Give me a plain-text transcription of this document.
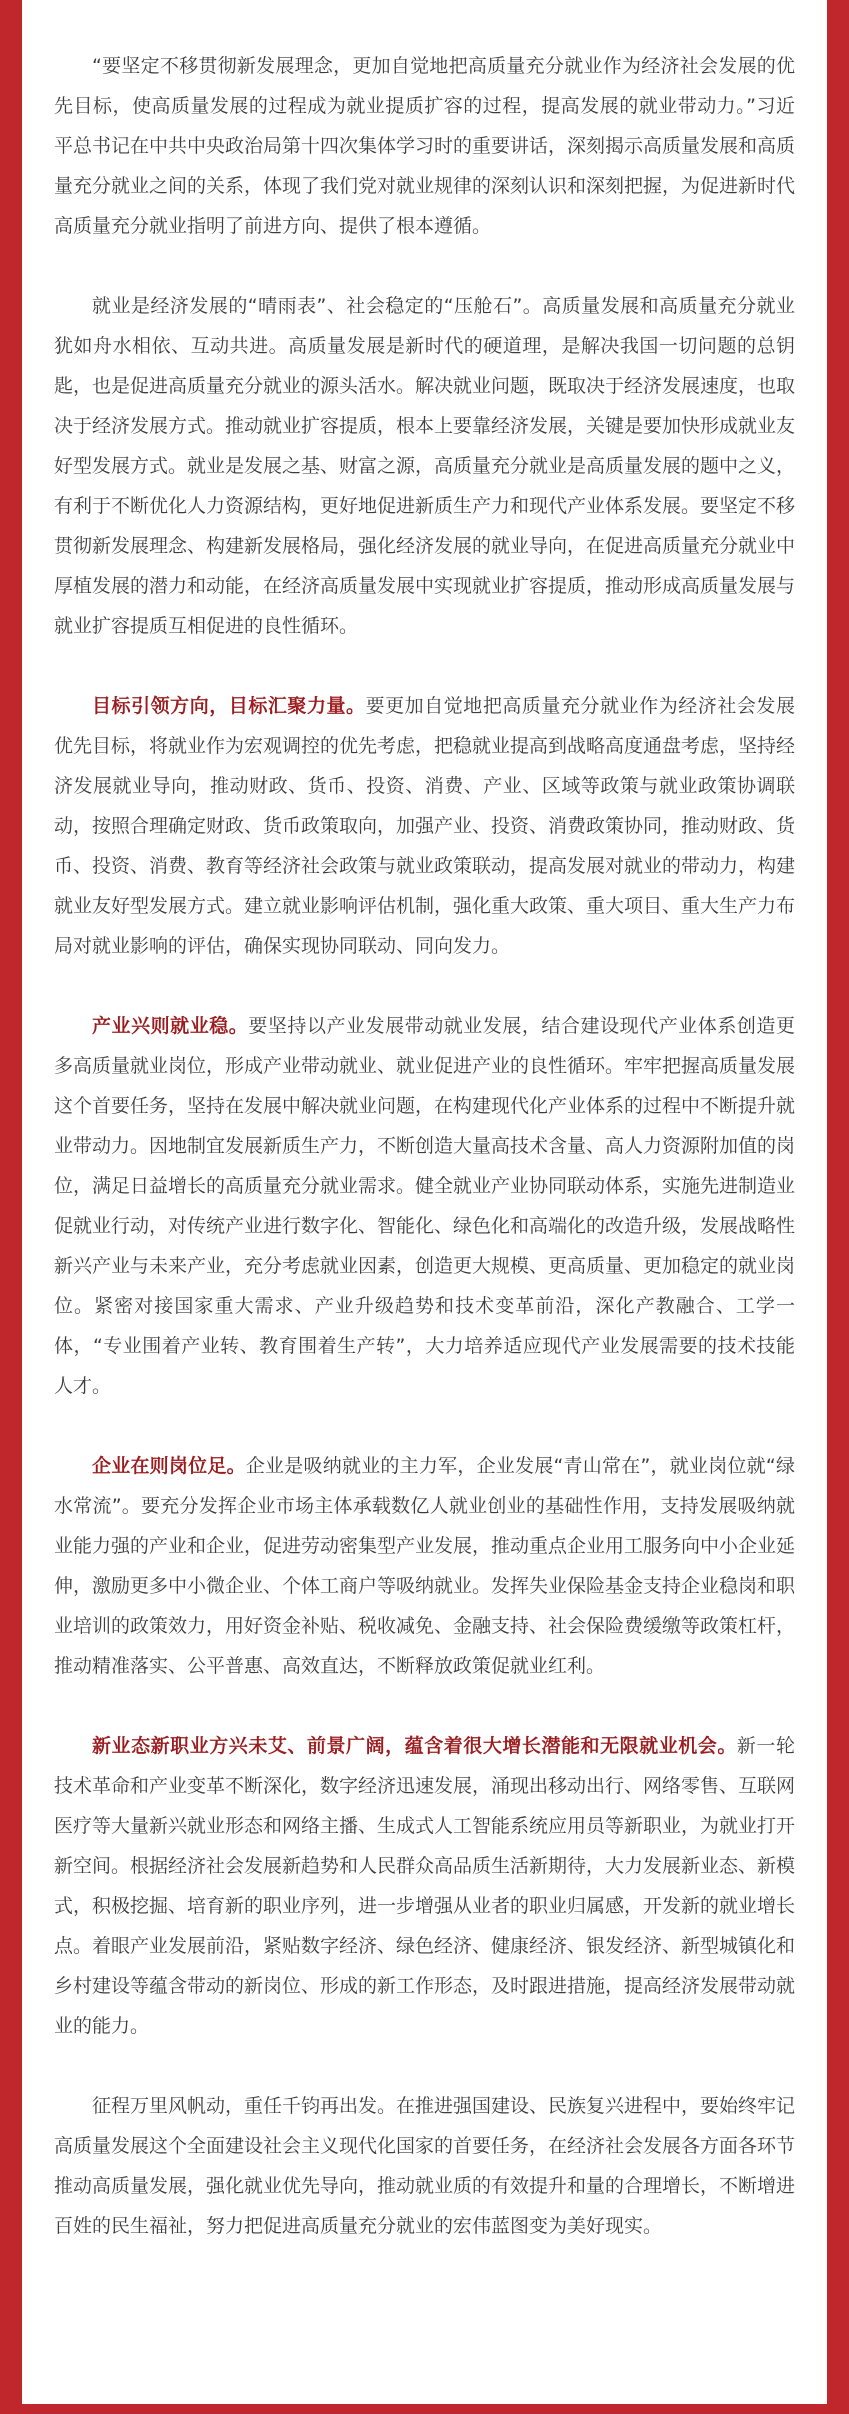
“要坚定不移贯彻新发展理念，更加自觉地把高质量充分就业作为经济社会发展的优先目标，使高质量发展的过程成为就业提质扩容的过程，提高发展的就业带动力。”习近平总书记在中共中央政治局第十四次集体学习时的重要讲话，深刻揭示高质量发展和高质量充分就业之间的关系，体现了我们党对就业规律的深刻认识和深刻把握，为促进新时代高质量充分就业指明了前进方向、提供了根本遵循。

就业是经济发展的“晴雨表”、社会稳定的“压舱石”。高质量发展和高质量充分就业犹如舟水相依、互动共进。高质量发展是新时代的硬道理，是解决我国一切问题的总钥匙，也是促进高质量充分就业的源头活水。解决就业问题，既取决于经济发展速度，也取决于经济发展方式。推动就业扩容提质，根本上要靠经济发展，关键是要加快形成就业友好型发展方式。就业是发展之基、财富之源，高质量充分就业是高质量发展的题中之义，有利于不断优化人力资源结构，更好地促进新质生产力和现代产业体系发展。要坚定不移贯彻新发展理念、构建新发展格局，强化经济发展的就业导向，在促进高质量充分就业中厚植发展的潜力和动能，在经济高质量发展中实现就业扩容提质，推动形成高质量发展与就业扩容提质互相促进的良性循环。

目标引领方向，目标汇聚力量。要更加自觉地把高质量充分就业作为经济社会发展优先目标，将就业作为宏观调控的优先考虑，把稳就业提高到战略高度通盘考虑，坚持经济发展就业导向，推动财政、货币、投资、消费、产业、区域等政策与就业政策协调联动，按照合理确定财政、货币政策取向，加强产业、投资、消费政策协同，推动财政、货币、投资、消费、教育等经济社会政策与就业政策联动，提高发展对就业的带动力，构建就业友好型发展方式。建立就业影响评估机制，强化重大政策、重大项目、重大生产力布局对就业影响的评估，确保实现协同联动、同向发力。

产业兴则就业稳。要坚持以产业发展带动就业发展，结合建设现代产业体系创造更多高质量就业岗位，形成产业带动就业、就业促进产业的良性循环。牢牢把握高质量发展这个首要任务，坚持在发展中解决就业问题，在构建现代化产业体系的过程中不断提升就业带动力。因地制宜发展新质生产力，不断创造大量高技术含量、高人力资源附加值的岗位，满足日益增长的高质量充分就业需求。健全就业产业协同联动体系，实施先进制造业促就业行动，对传统产业进行数字化、智能化、绿色化和高端化的改造升级，发展战略性新兴产业与未来产业，充分考虑就业因素，创造更大规模、更高质量、更加稳定的就业岗位。紧密对接国家重大需求、产业升级趋势和技术变革前沿，深化产教融合、工学一体，“专业围着产业转、教育围着生产转”，大力培养适应现代产业发展需要的技术技能人才。

企业在则岗位足。企业是吸纳就业的主力军，企业发展“青山常在”，就业岗位就“绿水常流”。要充分发挥企业市场主体承载数亿人就业创业的基础性作用，支持发展吸纳就业能力强的产业和企业，促进劳动密集型产业发展，推动重点企业用工服务向中小企业延伸，激励更多中小微企业、个体工商户等吸纳就业。发挥失业保险基金支持企业稳岗和职业培训的政策效力，用好资金补贴、税收减免、金融支持、社会保险费缓缴等政策杠杆，推动精准落实、公平普惠、高效直达，不断释放政策促就业红利。

新业态新职业方兴未艾、前景广阔，蕴含着很大增长潜能和无限就业机会。新一轮技术革命和产业变革不断深化，数字经济迅速发展，涌现出移动出行、网络零售、互联网医疗等大量新兴就业形态和网络主播、生成式人工智能系统应用员等新职业，为就业打开新空间。根据经济社会发展新趋势和人民群众高品质生活新期待，大力发展新业态、新模式，积极挖掘、培育新的职业序列，进一步增强从业者的职业归属感，开发新的就业增长点。着眼产业发展前沿，紧贴数字经济、绿色经济、健康经济、银发经济、新型城镇化和乡村建设等蕴含带动的新岗位、形成的新工作形态，及时跟进措施，提高经济发展带动就业的能力。

征程万里风帆动，重任千钧再出发。在推进强国建设、民族复兴进程中，要始终牢记高质量发展这个全面建设社会主义现代化国家的首要任务，在经济社会发展各方面各环节推动高质量发展，强化就业优先导向，推动就业质的有效提升和量的合理增长，不断增进百姓的民生福祉，努力把促进高质量充分就业的宏伟蓝图变为美好现实。
